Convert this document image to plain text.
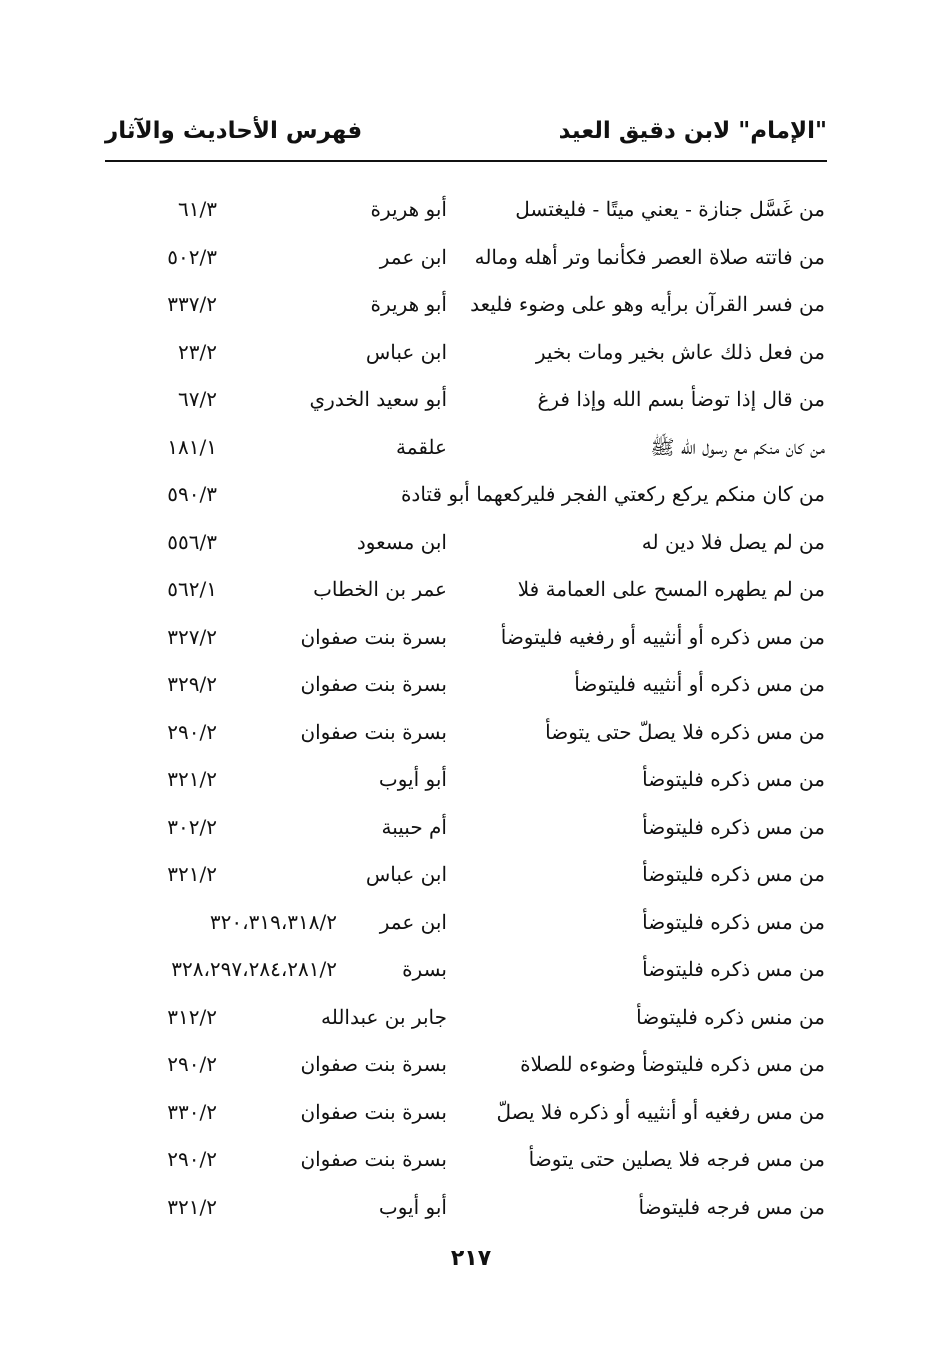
"الإمام" لابن دقيق العيد
فهرس الأحاديث والآثار
من غَسَّل جنازة - يعني ميتًا - فليغتسل
أبو هريرة
٦١/٣
من فاتته صلاة العصر فكأنما وتر أهله وماله
ابن عمر
٥٠٢/٣
من فسر القرآن برأيه وهو على وضوء فليعد
أبو هريرة
٣٣٧/٢
من فعل ذلك عاش بخير ومات بخير
ابن عباس
٢٣/٢
من قال إذا توضأ بسم الله وإذا فرغ
أبو سعيد الخدري
٦٧/٢
من كان منكم مع رسول الله ﷺ
علقمة
١٨١/١
من كان منكم يركع ركعتي الفجر فليركعهما أبو قتادة
٥٩٠/٣
من لم يصل فلا دين له
ابن مسعود
٥٥٦/٣
من لم يطهره المسح على العمامة فلا
عمر بن الخطاب
٥٦٢/١
من مس ذكره أو أنثييه أو رفغيه فليتوضأ
بسرة بنت صفوان
٣٢٧/٢
من مس ذكره أو أنثييه فليتوضأ
بسرة بنت صفوان
٣٢٩/٢
من مس ذكره فلا يصلّ حتى يتوضأ
بسرة بنت صفوان
٢٩٠/٢
من مس ذكره فليتوضأ
أبو أيوب
٣٢١/٢
من مس ذكره فليتوضأ
أم حبيبة
٣٠٢/٢
من مس ذكره فليتوضأ
ابن عباس
٣٢١/٢
من مس ذكره فليتوضأ
ابن عمر
٣٢٠،٣١٩،٣١٨/٢
من مس ذكره فليتوضأ
بسرة
٣٢٨،٢٩٧،٢٨٤،٢٨١/٢
من منس ذكره فليتوضأ
جابر بن عبدالله
٣١٢/٢
من مس ذكره فليتوضأ وضوءه للصلاة
بسرة بنت صفوان
٢٩٠/٢
من مس رفغيه أو أنثييه أو ذكره فلا يصلّ
بسرة بنت صفوان
٣٣٠/٢
من مس فرجه فلا يصلين حتى يتوضأ
بسرة بنت صفوان
٢٩٠/٢
من مس فرجه فليتوضأ
أبو أيوب
٣٢١/٢
٢١٧
